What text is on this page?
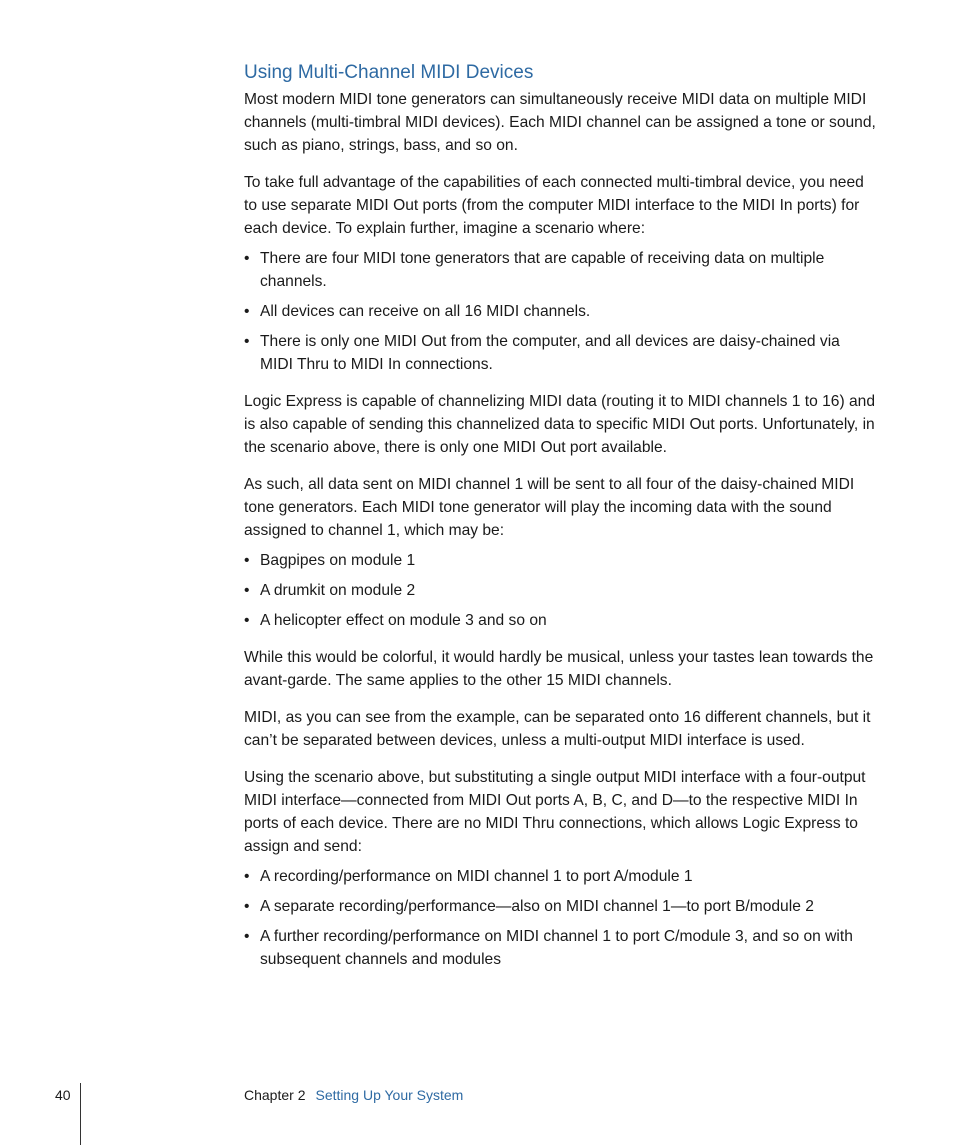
Using Multi-Channel MIDI Devices

Most modern MIDI tone generators can simultaneously receive MIDI data on multiple MIDI channels (multi-timbral MIDI devices). Each MIDI channel can be assigned a tone or sound, such as piano, strings, bass, and so on.

To take full advantage of the capabilities of each connected multi-timbral device, you need to use separate MIDI Out ports (from the computer MIDI interface to the MIDI In ports) for each device. To explain further, imagine a scenario where:

• There are four MIDI tone generators that are capable of receiving data on multiple channels.
• All devices can receive on all 16 MIDI channels.
• There is only one MIDI Out from the computer, and all devices are daisy-chained via MIDI Thru to MIDI In connections.

Logic Express is capable of channelizing MIDI data (routing it to MIDI channels 1 to 16) and is also capable of sending this channelized data to specific MIDI Out ports. Unfortunately, in the scenario above, there is only one MIDI Out port available.

As such, all data sent on MIDI channel 1 will be sent to all four of the daisy-chained MIDI tone generators. Each MIDI tone generator will play the incoming data with the sound assigned to channel 1, which may be:

• Bagpipes on module 1
• A drumkit on module 2
• A helicopter effect on module 3 and so on

While this would be colorful, it would hardly be musical, unless your tastes lean towards the avant-garde. The same applies to the other 15 MIDI channels.

MIDI, as you can see from the example, can be separated onto 16 different channels, but it can’t be separated between devices, unless a multi-output MIDI interface is used.

Using the scenario above, but substituting a single output MIDI interface with a four-output MIDI interface—connected from MIDI Out ports A, B, C, and D—to the respective MIDI In ports of each device. There are no MIDI Thru connections, which allows Logic Express to assign and send:

• A recording/performance on MIDI channel 1 to port A/module 1
• A separate recording/performance—also on MIDI channel 1—to port B/module 2
• A further recording/performance on MIDI channel 1 to port C/module 3, and so on with subsequent channels and modules
40	Chapter 2 Setting Up Your System
